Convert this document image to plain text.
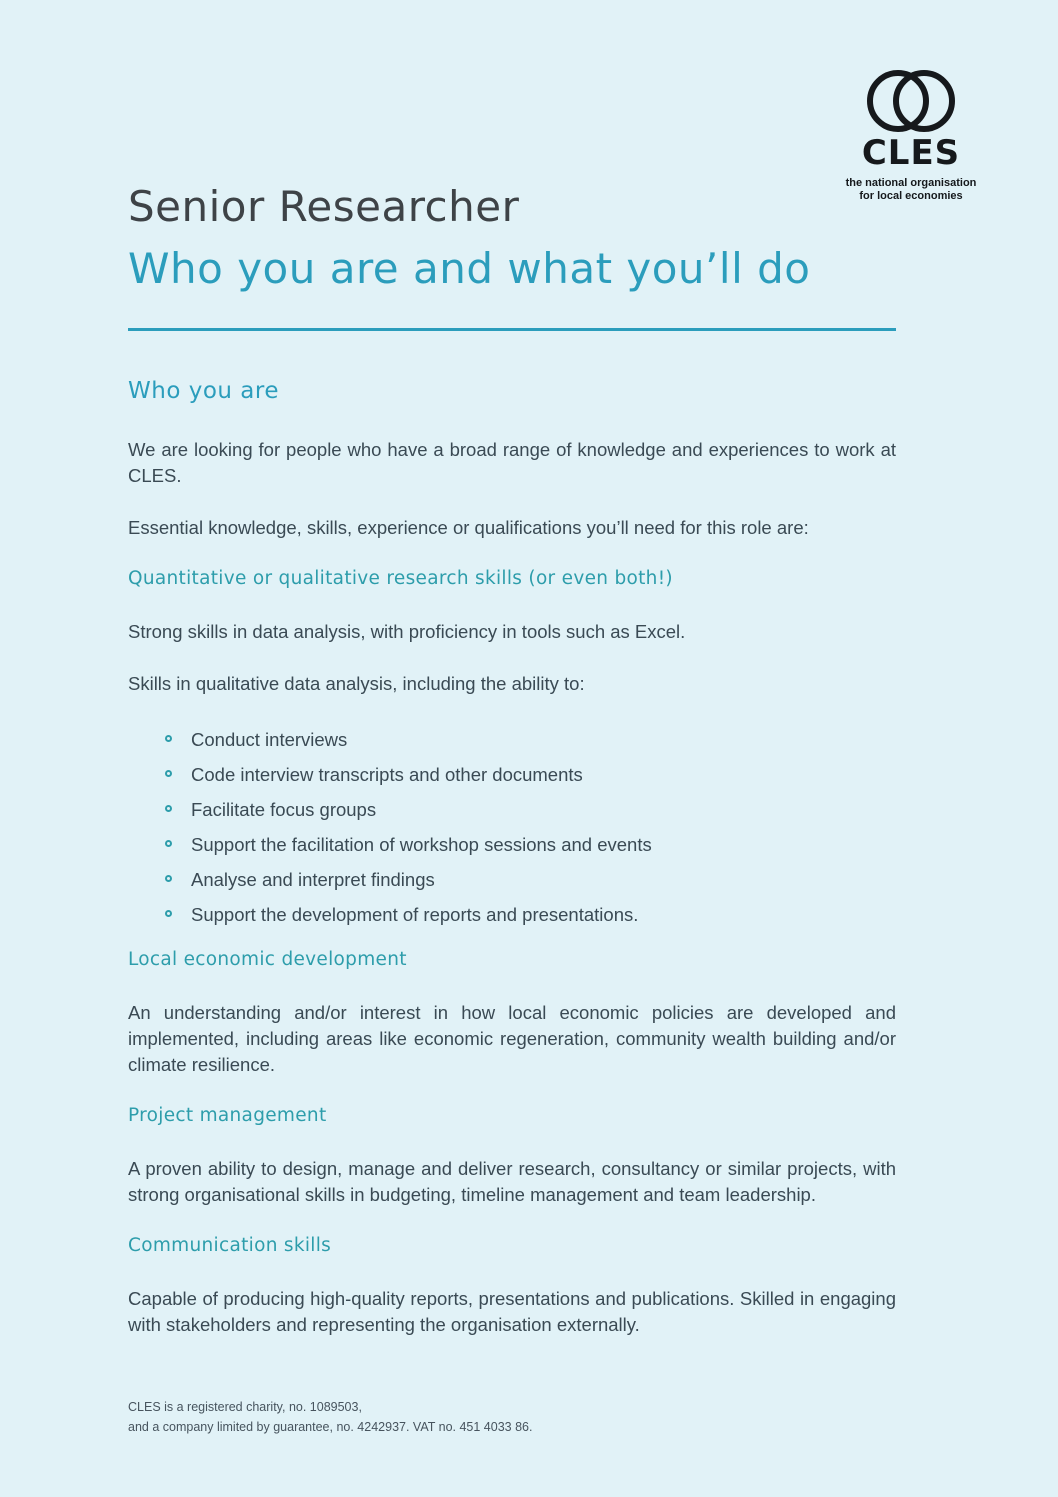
CLES
the national organisation
for local economies
Senior Researcher
Who you are and what you’ll do
Who you are

We are looking for people who have a broad range of knowledge and experiences to work at CLES.

Essential knowledge, skills, experience or qualifications you’ll need for this role are:

Quantitative or qualitative research skills (or even both!)

Strong skills in data analysis, with proficiency in tools such as Excel.

Skills in qualitative data analysis, including the ability to:

Conduct interviews
Code interview transcripts and other documents
Facilitate focus groups
Support the facilitation of workshop sessions and events
Analyse and interpret findings
Support the development of reports and presentations.
Local economic development

An understanding and/or interest in how local economic policies are developed and implemented, including areas like economic regeneration, community wealth building and/or climate resilience.

Project management

A proven ability to design, manage and deliver research, consultancy or similar projects, with strong organisational skills in budgeting, timeline management and team leadership.

Communication skills

Capable of producing high-quality reports, presentations and publications. Skilled in engaging with stakeholders and representing the organisation externally.

CLES is a registered charity, no. 1089503,
and a company limited by guarantee, no. 4242937. VAT no. 451 4033 86.
